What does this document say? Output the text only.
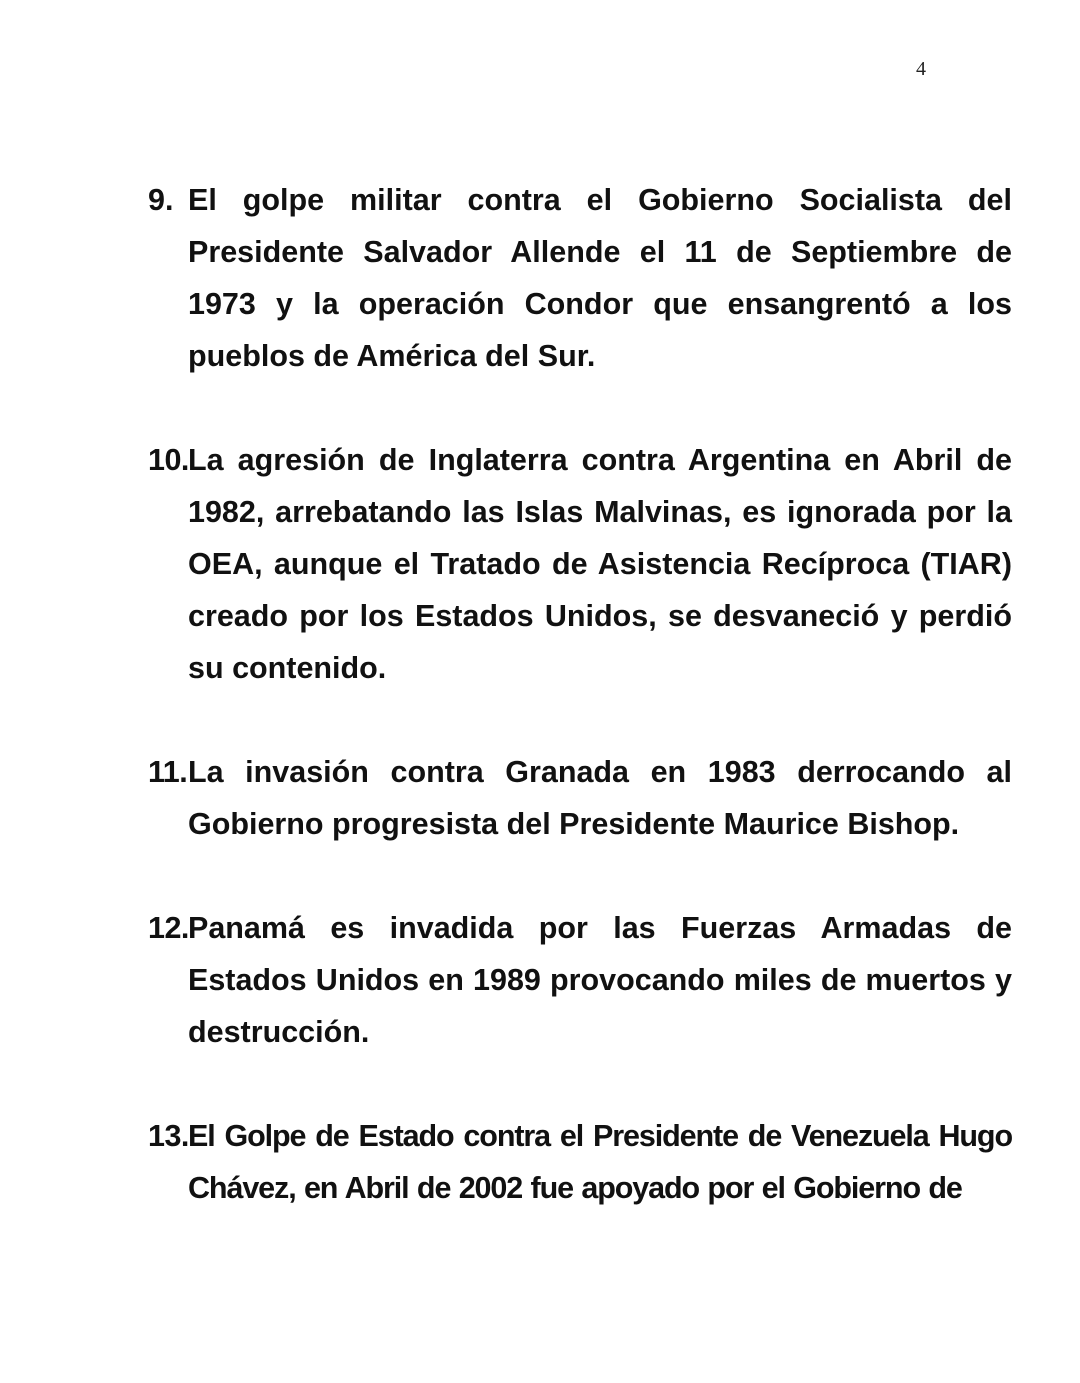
4
9. El golpe militar contra el Gobierno Socialista del Presidente Salvador Allende el 11 de Septiembre de 1973 y la operación Condor que ensangrentó a los pueblos de América del Sur.
10. La agresión de Inglaterra contra Argentina en Abril de 1982, arrebatando las Islas Malvinas, es ignorada por la OEA, aunque el Tratado de Asistencia Recíproca (TIAR) creado por los Estados Unidos, se desvaneció y perdió su contenido.
11. La invasión contra Granada en 1983 derrocando al Gobierno progresista del Presidente Maurice Bishop.
12. Panamá es invadida por las Fuerzas Armadas de Estados Unidos en 1989 provocando miles de muertos y destrucción.
13. El Golpe de Estado contra el Presidente de Venezuela Hugo Chávez, en Abril de 2002 fue apoyado por el Gobierno de
